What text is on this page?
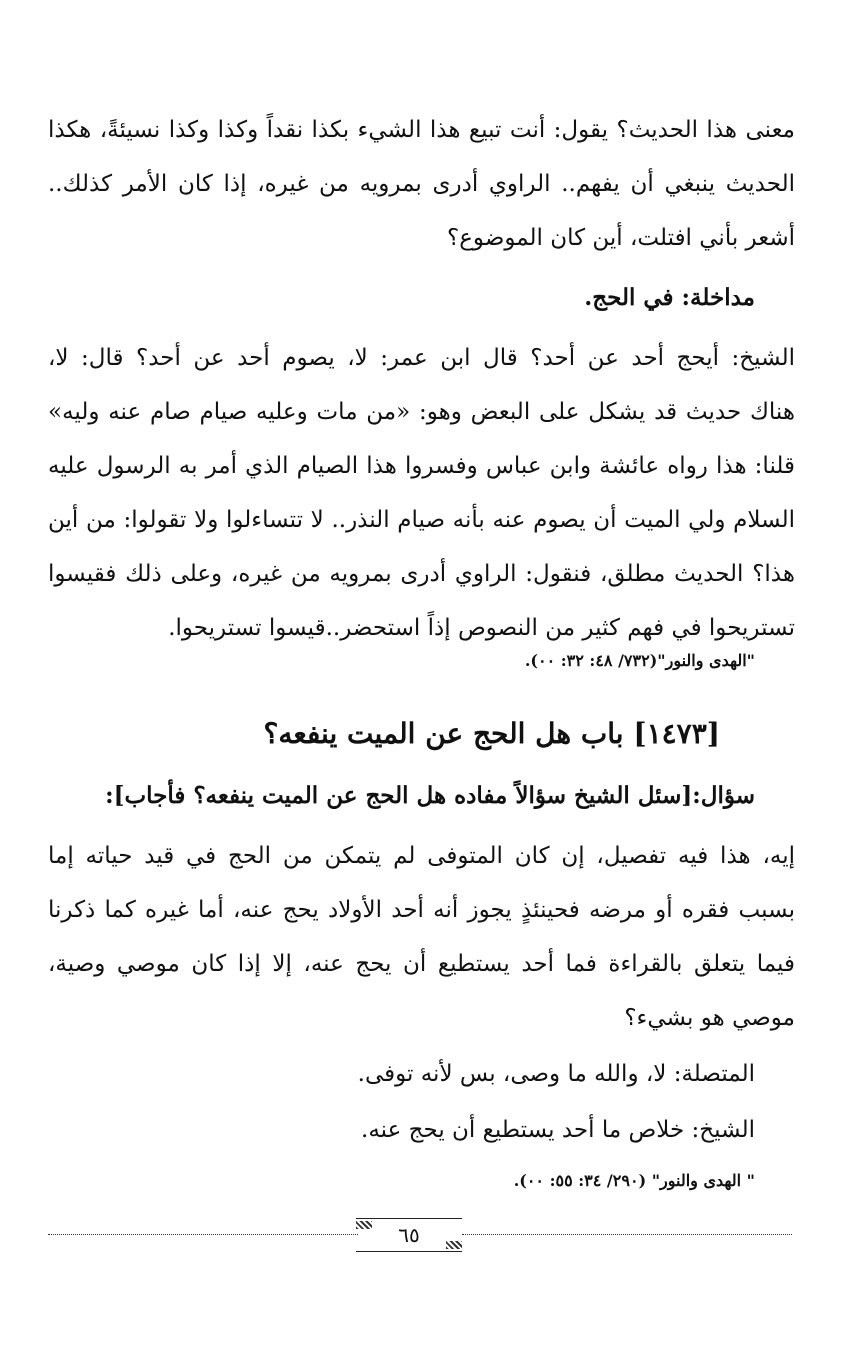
معنى هذا الحديث؟ يقول: أنت تبيع هذا الشيء بكذا نقداً وكذا وكذا نسيئةً، هكذا
الحديث ينبغي أن يفهم.. الراوي أدرى بمرويه من غيره، إذا كان الأمر كذلك..
أشعر بأني افتلت، أين كان الموضوع؟
مداخلة: في الحج.
الشيخ: أيحج أحد عن أحد؟ قال ابن عمر: لا، يصوم أحد عن أحد؟ قال: لا،
هناك حديث قد يشكل على البعض وهو: «من مات وعليه صيام صام عنه وليه»
قلنا: هذا رواه عائشة وابن عباس وفسروا هذا الصيام الذي أمر به الرسول عليه
السلام ولي الميت أن يصوم عنه بأنه صيام النذر.. لا تتساءلوا ولا تقولوا: من أين
هذا؟ الحديث مطلق، فنقول: الراوي أدرى بمرويه من غيره، وعلى ذلك فقيسوا
تستريحوا في فهم كثير من النصوص إذاً استحضر..قيسوا تستريحوا.
"الهدى والنور"(٧٣٢/ ٤٨: ٣٢: ٠٠).
[١٤٧٣] باب هل الحج عن الميت ينفعه؟
سؤال:[سئل الشيخ سؤالاً مفاده هل الحج عن الميت ينفعه؟ فأجاب]:
إيه، هذا فيه تفصيل، إن كان المتوفى لم يتمكن من الحج في قيد حياته إما
بسبب فقره أو مرضه فحينئذٍ يجوز أنه أحد الأولاد يحج عنه، أما غيره كما ذكرنا
فيما يتعلق بالقراءة فما أحد يستطيع أن يحج عنه، إلا إذا كان موصي وصية،
موصي هو بشيء؟
المتصلة: لا، والله ما وصى، بس لأنه توفى.
الشيخ: خلاص ما أحد يستطيع أن يحج عنه.
" الهدى والنور" (٢٩٠/ ٣٤: ٥٥: ٠٠).
٦٥
